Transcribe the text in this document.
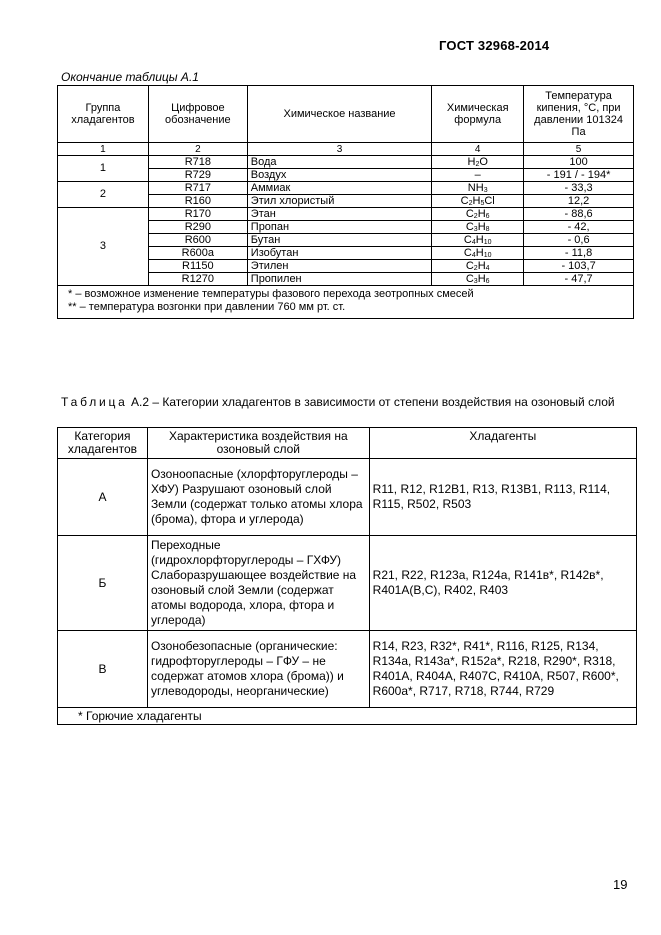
ГОСТ 32968-2014
Окончание таблицы А.1
Группа хладагентов	Цифровое обозначение	Химическое название	Химическая формула	Температура кипения, °С, при давлении 101324 Па
1	2	3	4	5
1	R718	Вода	$H_2O$	100
	R729	Воздух	–	- 191 / - 194*
2	R717	Аммиак	$NH_3$	- 33,3
	R160	Этил хлористый	$C_2H_5Cl$	12,2
3	R170	Этан	$C_2H_6$	- 88,6
	R290	Пропан	$C_3H_8$	- 42,
	R600	Бутан	$C_4H_{10}$	- 0,6
	R600a	Изобутан	$C_4H_{10}$	- 11,8
	R1150	Этилен	$C_2H_4$	- 103,7
	R1270	Пропилен	$C_3H_6$	- 47,7

* – возможное изменение температуры фазового перехода зеотропных смесей
** – температура возгонки при давлении 760 мм рт. ст.				
Таблица А.2 – Категории хладагентов в зависимости от степени воздействия на озоновый слой
Категория хладагентов	Характеристика воздействия на озоновый слой	Хладагенты
А	Озоноопасные (хлорфторуглероды – ХФУ) Разрушают озоновый слой Земли (содержат только атомы хлора (брома), фтора и углерода)	R11, R12, R12B1, R13, R13B1, R113, R114, R115, R502, R503
Б	Переходные (гидрохлорфторуглероды – ГХФУ) Слаборазрушающее воздействие на озоновый слой Земли (содержат атомы водорода, хлора, фтора и углерода)	R21, R22, R123a, R124a, R141в*, R142в*, R401A(B,C), R402, R403
В	Озонобезопасные (органические: гидрофторуглероды – ГФУ – не содержат атомов хлора (брома)) и углеводороды, неорганические)	R14, R23, R32*, R41*, R116, R125, R134, R134a, R143a*, R152a*, R218, R290*, R318, R401A, R404A, R407C, R410A, R507, R600*, R600a*, R717, R718, R744, R729
* Горючие хладагенты		
19
